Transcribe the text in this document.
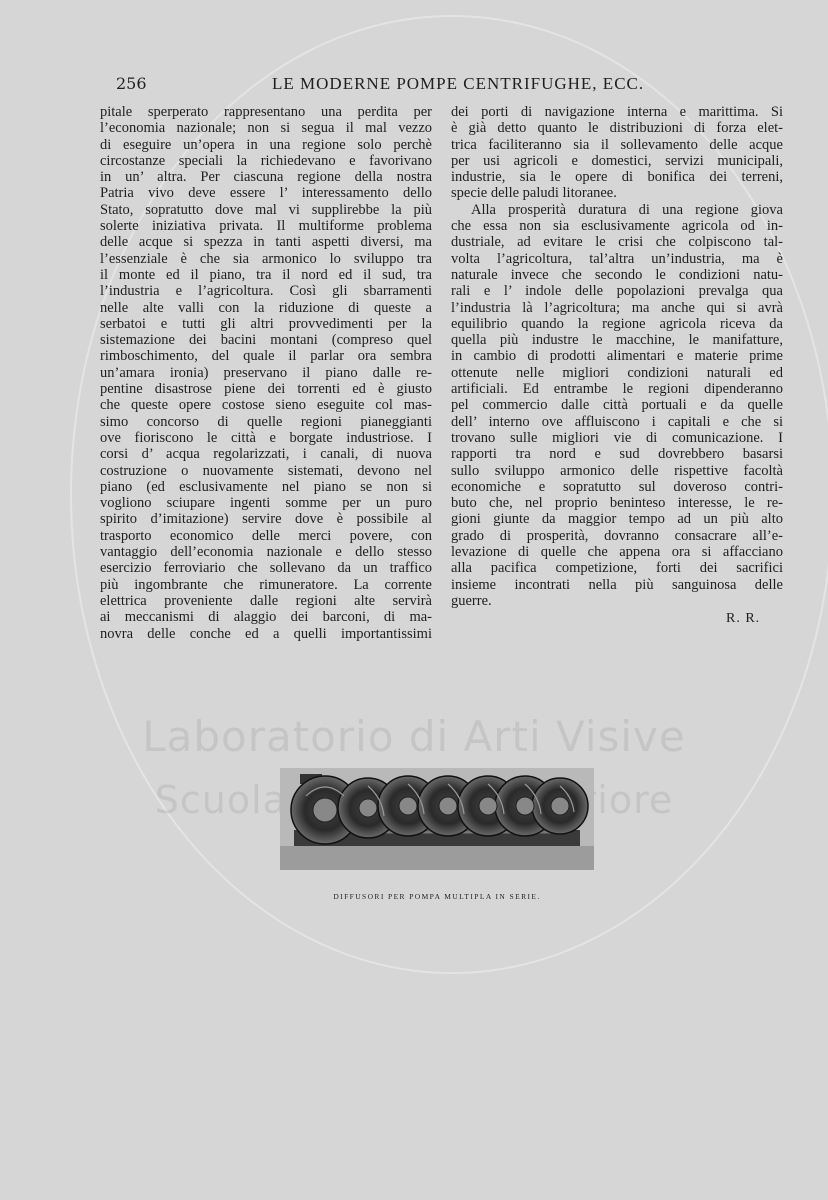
Laboratorio di Arti Visive
Scuola
256	LE MODERNE POMPE CENTRIFUGHE, ECC.
pitale sperperato rappresentano una perdita per
l’economia nazionale; non si segua il mal vezzo
di eseguire un’opera in una regione solo perchè
circostanze speciali la richiedevano e favorivano
in un’ altra. Per ciascuna regione della nostra
Patria vivo deve essere l’ interessamento dello
Stato, sopratutto dove mal vi supplirebbe la più
solerte iniziativa privata. Il multiforme problema
delle acque si spezza in tanti aspetti diversi, ma
l’essenziale è che sia armonico lo sviluppo tra
il monte ed il piano, tra il nord ed il sud, tra
l’industria e l’agricoltura. Così gli sbarramenti
nelle alte valli con la riduzione di queste a
serbatoi e tutti gli altri provvedimenti per la
sistemazione dei bacini montani (compreso quel
rimboschimento, del quale il parlar ora sembra
un’amara ironia) preservano il piano dalle re-
pentine disastrose piene dei torrenti ed è giusto
che queste opere costose sieno eseguite col mas-
simo concorso di quelle regioni pianeggianti
ove fioriscono le città e borgate industriose. I
corsi d’ acqua regolarizzati, i canali, di nuova
costruzione o nuovamente sistemati, devono nel
piano (ed esclusivamente nel piano se non si
vogliono sciupare ingenti somme per un puro
spirito d’imitazione) servire dove è possibile al
trasporto economico delle merci povere, con
vantaggio dell’economia nazionale e dello stesso
esercizio ferroviario che sollevano da un traffico
più ingombrante che rimuneratore. La corrente
elettrica proveniente dalle regioni alte servirà
ai meccanismi di alaggio dei barconi, di ma-
novra delle conche ed a quelli importantissimi
dei porti di navigazione interna e marittima. Si
è già detto quanto le distribuzioni di forza elet-
trica faciliteranno sia il sollevamento delle acque
per usi agricoli e domestici, servizi municipali,
industrie, sia le opere di bonifica dei terreni,
specie delle paludi litoranee.
Alla prosperità duratura di una regione giova
che essa non sia esclusivamente agricola od in-
dustriale, ad evitare le crisi che colpiscono tal-
volta l’agricoltura, tal’altra un’industria, ma è
naturale invece che secondo le condizioni natu-
rali e l’ indole delle popolazioni prevalga qua
l’industria là l’agricoltura; ma anche qui si avrà
equilibrio quando la regione agricola riceva da
quella più industre le macchine, le manifatture,
in cambio di prodotti alimentari e materie prime
ottenute nelle migliori condizioni naturali ed
artificiali. Ed entrambe le regioni dipenderanno
pel commercio dalle città portuali e da quelle
dell’ interno ove affluiscono i capitali e che si
trovano sulle migliori vie di comunicazione. I
rapporti tra nord e sud dovrebbero basarsi
sullo sviluppo armonico delle rispettive facoltà
economiche e sopratutto sul doveroso contri-
buto che, nel proprio beninteso interesse, le re-
gioni giunte da maggior tempo ad un più alto
grado di prosperità, dovranno consacrare all’e-
levazione di quelle che appena ora si affacciano
alla pacifica competizione, forti dei sacrifici
insieme incontrati nella più sanguinosa delle
guerre.
R. R.
DIFFUSORI PER POMPA MULTIPLA IN SERIE.
